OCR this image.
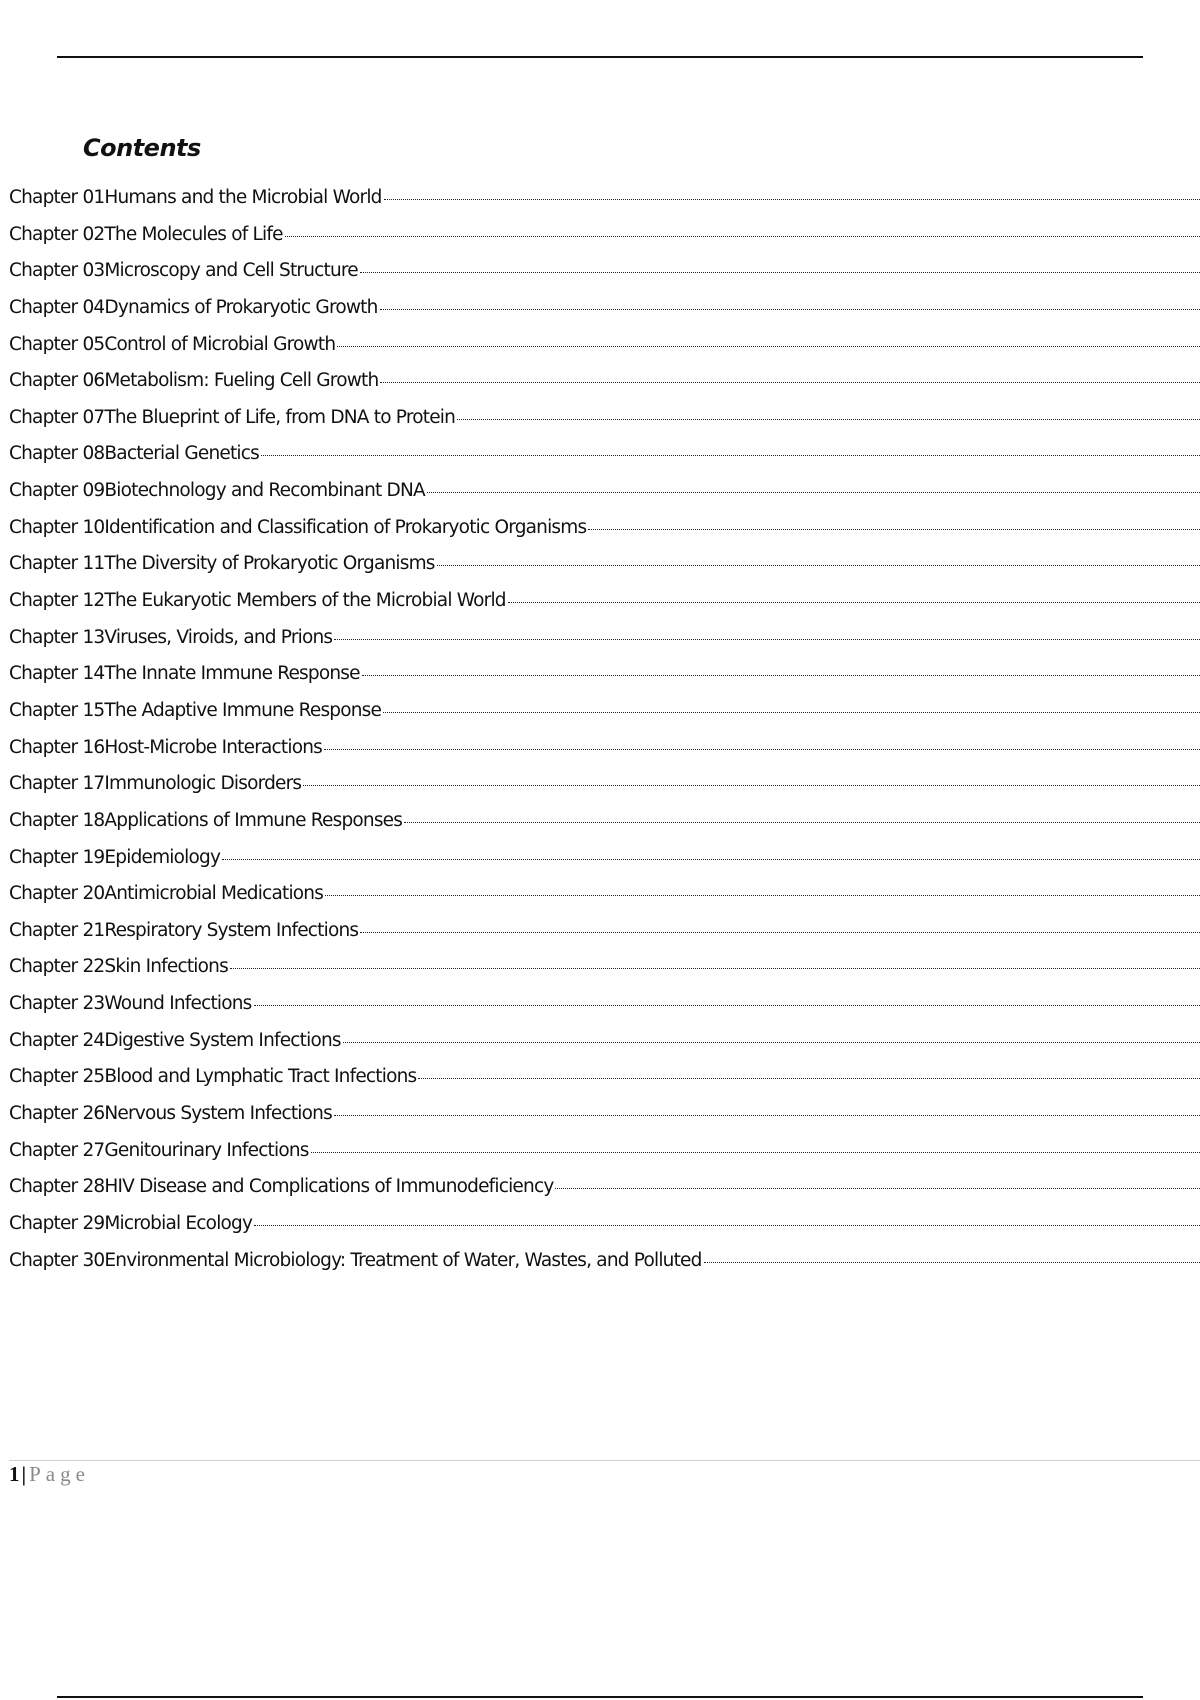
Contents
Chapter 01 Humans and the Microbial World
Chapter 02 The Molecules of Life
Chapter 03 Microscopy and Cell Structure
Chapter 04 Dynamics of Prokaryotic Growth
Chapter 05 Control of Microbial Growth
Chapter 06 Metabolism: Fueling Cell Growth
Chapter 07 The Blueprint of Life, from DNA to Protein
Chapter 08 Bacterial Genetics
Chapter 09 Biotechnology and Recombinant DNA
Chapter 10 Identification and Classification of Prokaryotic Organisms
Chapter 11 The Diversity of Prokaryotic Organisms
Chapter 12 The Eukaryotic Members of the Microbial World
Chapter 13 Viruses, Viroids, and Prions
Chapter 14 The Innate Immune Response
Chapter 15 The Adaptive Immune Response
Chapter 16 Host-Microbe Interactions
Chapter 17 Immunologic Disorders
Chapter 18 Applications of Immune Responses
Chapter 19 Epidemiology
Chapter 20 Antimicrobial Medications
Chapter 21 Respiratory System Infections
Chapter 22 Skin Infections
Chapter 23 Wound Infections
Chapter 24 Digestive System Infections
Chapter 25 Blood and Lymphatic Tract Infections
Chapter 26 Nervous System Infections
Chapter 27 Genitourinary Infections
Chapter 28 HIV Disease and Complications of Immunodeficiency
Chapter 29 Microbial Ecology
Chapter 30 Environmental Microbiology: Treatment of Water, Wastes, and Polluted
1| Page
